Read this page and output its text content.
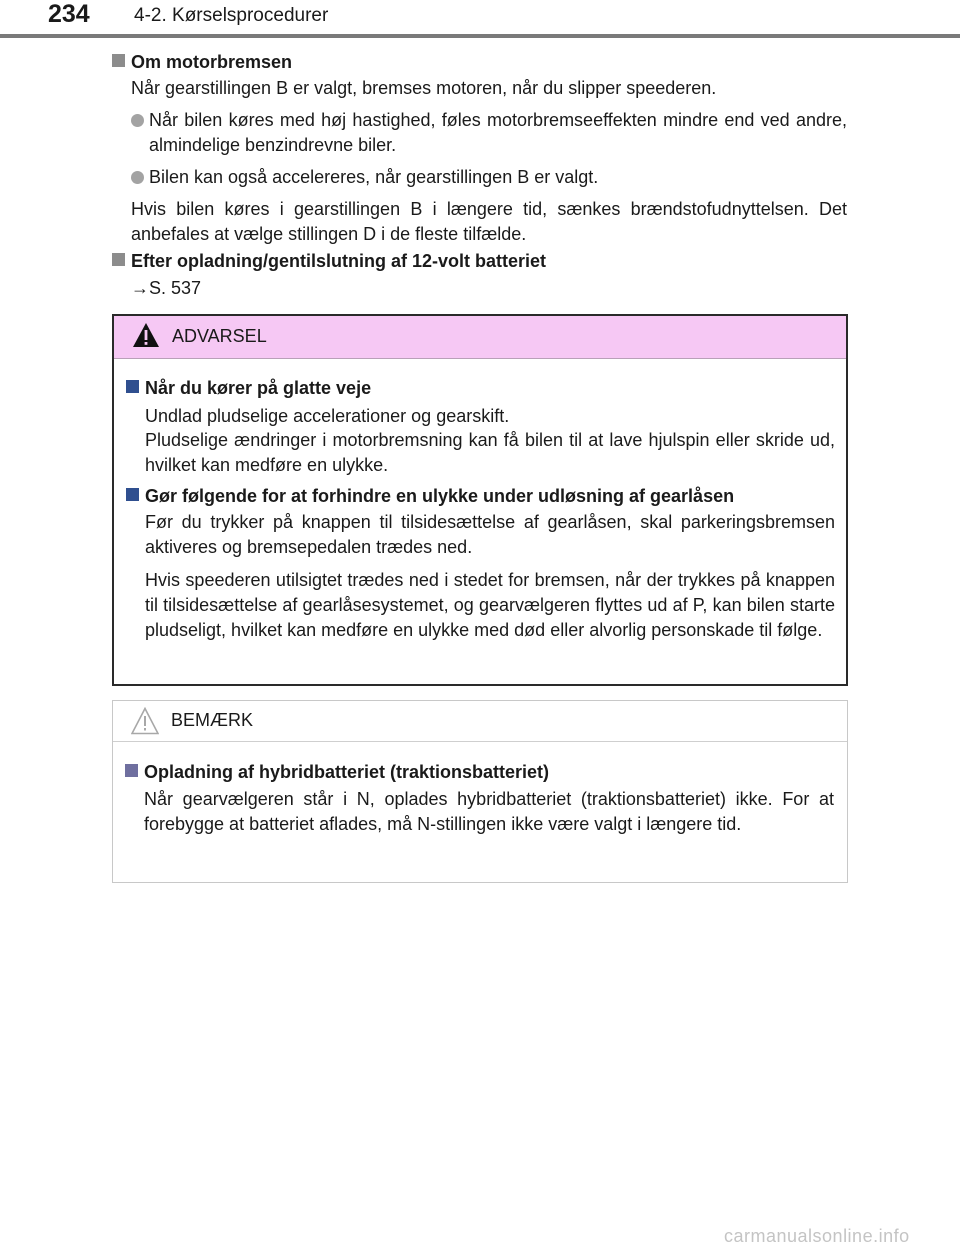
234 4-2. Kørselsprocedurer
Om motorbremsen
Når gearstillingen B er valgt, bremses motoren, når du slipper speederen.
Når bilen køres med høj hastighed, føles motorbremseeffekten mindre end ved andre, almindelige benzindrevne biler.
Bilen kan også accelereres, når gearstillingen B er valgt.
Hvis bilen køres i gearstillingen B i længere tid, sænkes brændstofudnyttelsen. Det anbefales at vælge stillingen D i de fleste tilfælde.
Efter opladning/gentilslutning af 12-volt batteriet
→S. 537
ADVARSEL
Når du kører på glatte veje
Undlad pludselige accelerationer og gearskift.
Pludselige ændringer i motorbremsning kan få bilen til at lave hjulspin eller skride ud, hvilket kan medføre en ulykke.
Gør følgende for at forhindre en ulykke under udløsning af gearlåsen
Før du trykker på knappen til tilsidesættelse af gearlåsen, skal parkeringsbremsen aktiveres og bremsepedalen trædes ned.
Hvis speederen utilsigtet trædes ned i stedet for bremsen, når der trykkes på knappen til tilsidesættelse af gearlåsesystemet, og gearvælgeren flyttes ud af P, kan bilen starte pludseligt, hvilket kan medføre en ulykke med død eller alvorlig personskade til følge.
BEMÆRK
Opladning af hybridbatteriet (traktionsbatteriet)
Når gearvælgeren står i N, oplades hybridbatteriet (traktionsbatteriet) ikke. For at forebygge at batteriet aflades, må N-stillingen ikke være valgt i længere tid.
carmanualsonline.info
